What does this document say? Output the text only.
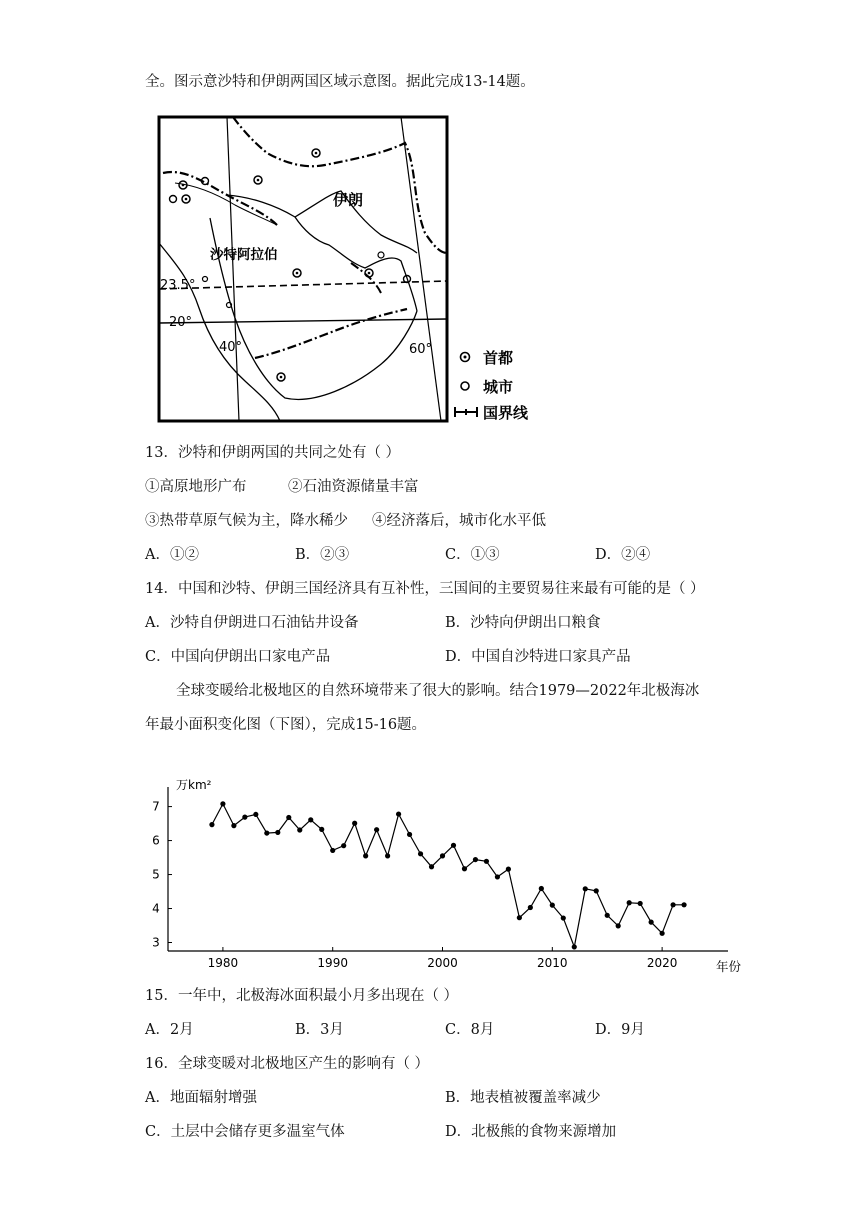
全。图示意沙特和伊朗两国区域示意图。据此完成13-14题。
伊朗
沙特阿拉伯
23.5°
20°
40°	60°	首都
城市
国界线
13．沙特和伊朗两国的共同之处有（ ）
①高原地形广布	②石油资源储量丰富
③热带草原气候为主，降水稀少 ④经济落后，城市化水平低
A．①②	B．②③	C．①③	D．②④
14．中国和沙特、伊朗三国经济具有互补性，三国间的主要贸易往来最有可能的是（ ）
A．沙特自伊朗进口石油钻井设备	B．沙特向伊朗出口粮食
C．中国向伊朗出口家电产品	D．中国自沙特进口家具产品
全球变暖给北极地区的自然环境带来了很大的影响。结合1979—2022年北极海冰
年最小面积变化图（下图），完成15-16题。
万km²
年份
3
4
5
6
7
1980	1990	2000	2010	2020
15．一年中，北极海冰面积最小月多出现在（ ）
A．2月	B．3月	C．8月	D．9月
16．全球变暖对北极地区产生的影响有（ ）
A．地面辐射增强	B．地表植被覆盖率减少
C．土层中会储存更多温室气体	D．北极熊的食物来源增加
